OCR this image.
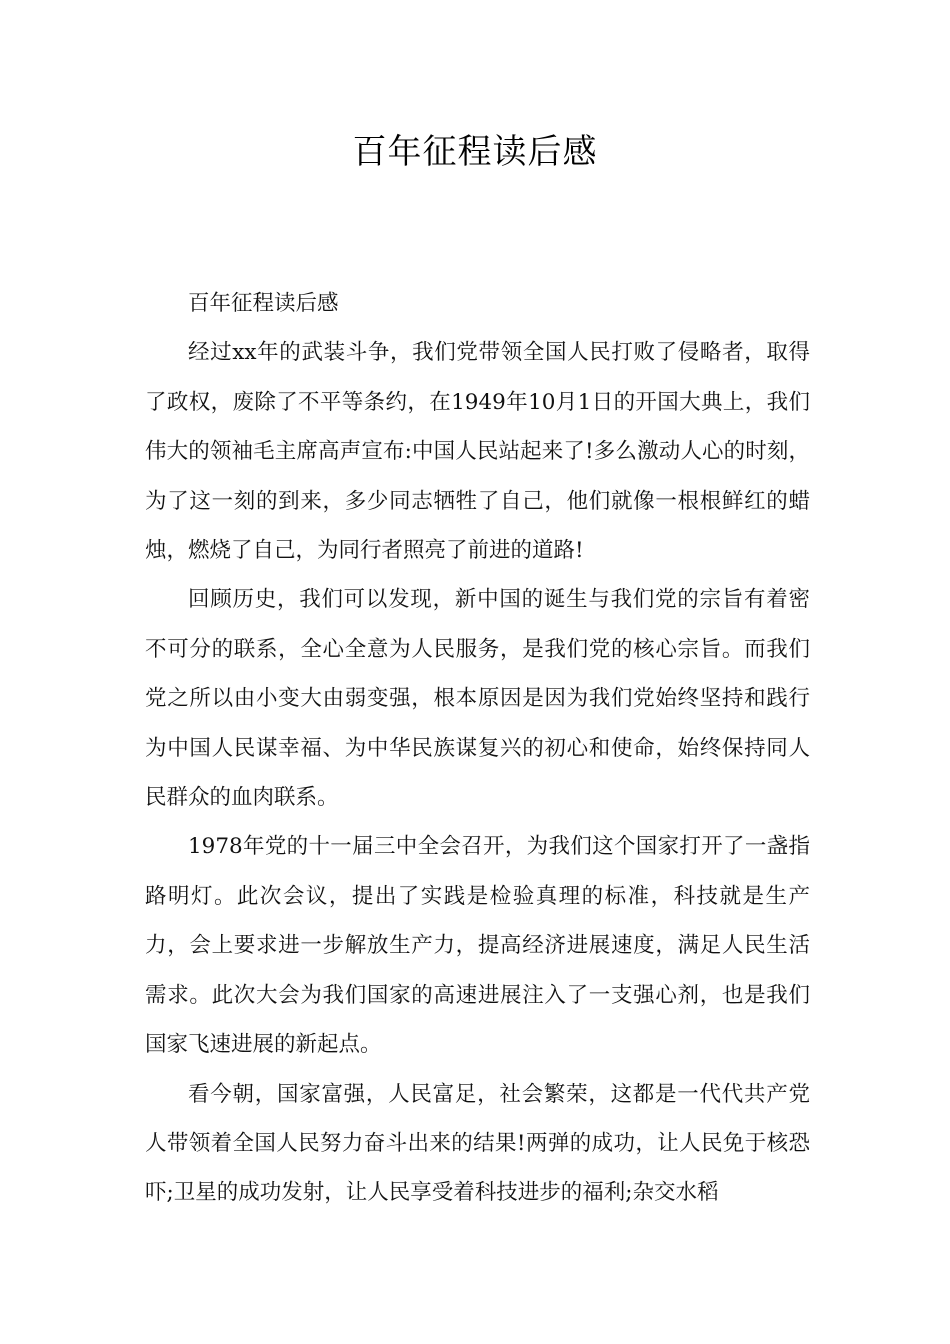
百年征程读后感

百年征程读后感

经过xx年的武装斗争，我们党带领全国人民打败了侵略者，取得了政权，废除了不平等条约，在1949年10月1日的开国大典上，我们伟大的领袖毛主席高声宣布:中国人民站起来了!多么激动人心的时刻，为了这一刻的到来，多少同志牺牲了自己，他们就像一根根鲜红的蜡烛，燃烧了自己，为同行者照亮了前进的道路!

回顾历史，我们可以发现，新中国的诞生与我们党的宗旨有着密不可分的联系，全心全意为人民服务，是我们党的核心宗旨。而我们党之所以由小变大由弱变强，根本原因是因为我们党始终坚持和践行为中国人民谋幸福、为中华民族谋复兴的初心和使命，始终保持同人民群众的血肉联系。

1978年党的十一届三中全会召开，为我们这个国家打开了一盏指路明灯。此次会议，提出了实践是检验真理的标准，科技就是生产力，会上要求进一步解放生产力，提高经济进展速度，满足人民生活需求。此次大会为我们国家的高速进展注入了一支强心剂，也是我们国家飞速进展的新起点。

看今朝，国家富强，人民富足，社会繁荣，这都是一代代共产党人带领着全国人民努力奋斗出来的结果!两弹的成功，让人民免于核恐吓;卫星的成功发射，让人民享受着科技进步的福利;杂交水稻
